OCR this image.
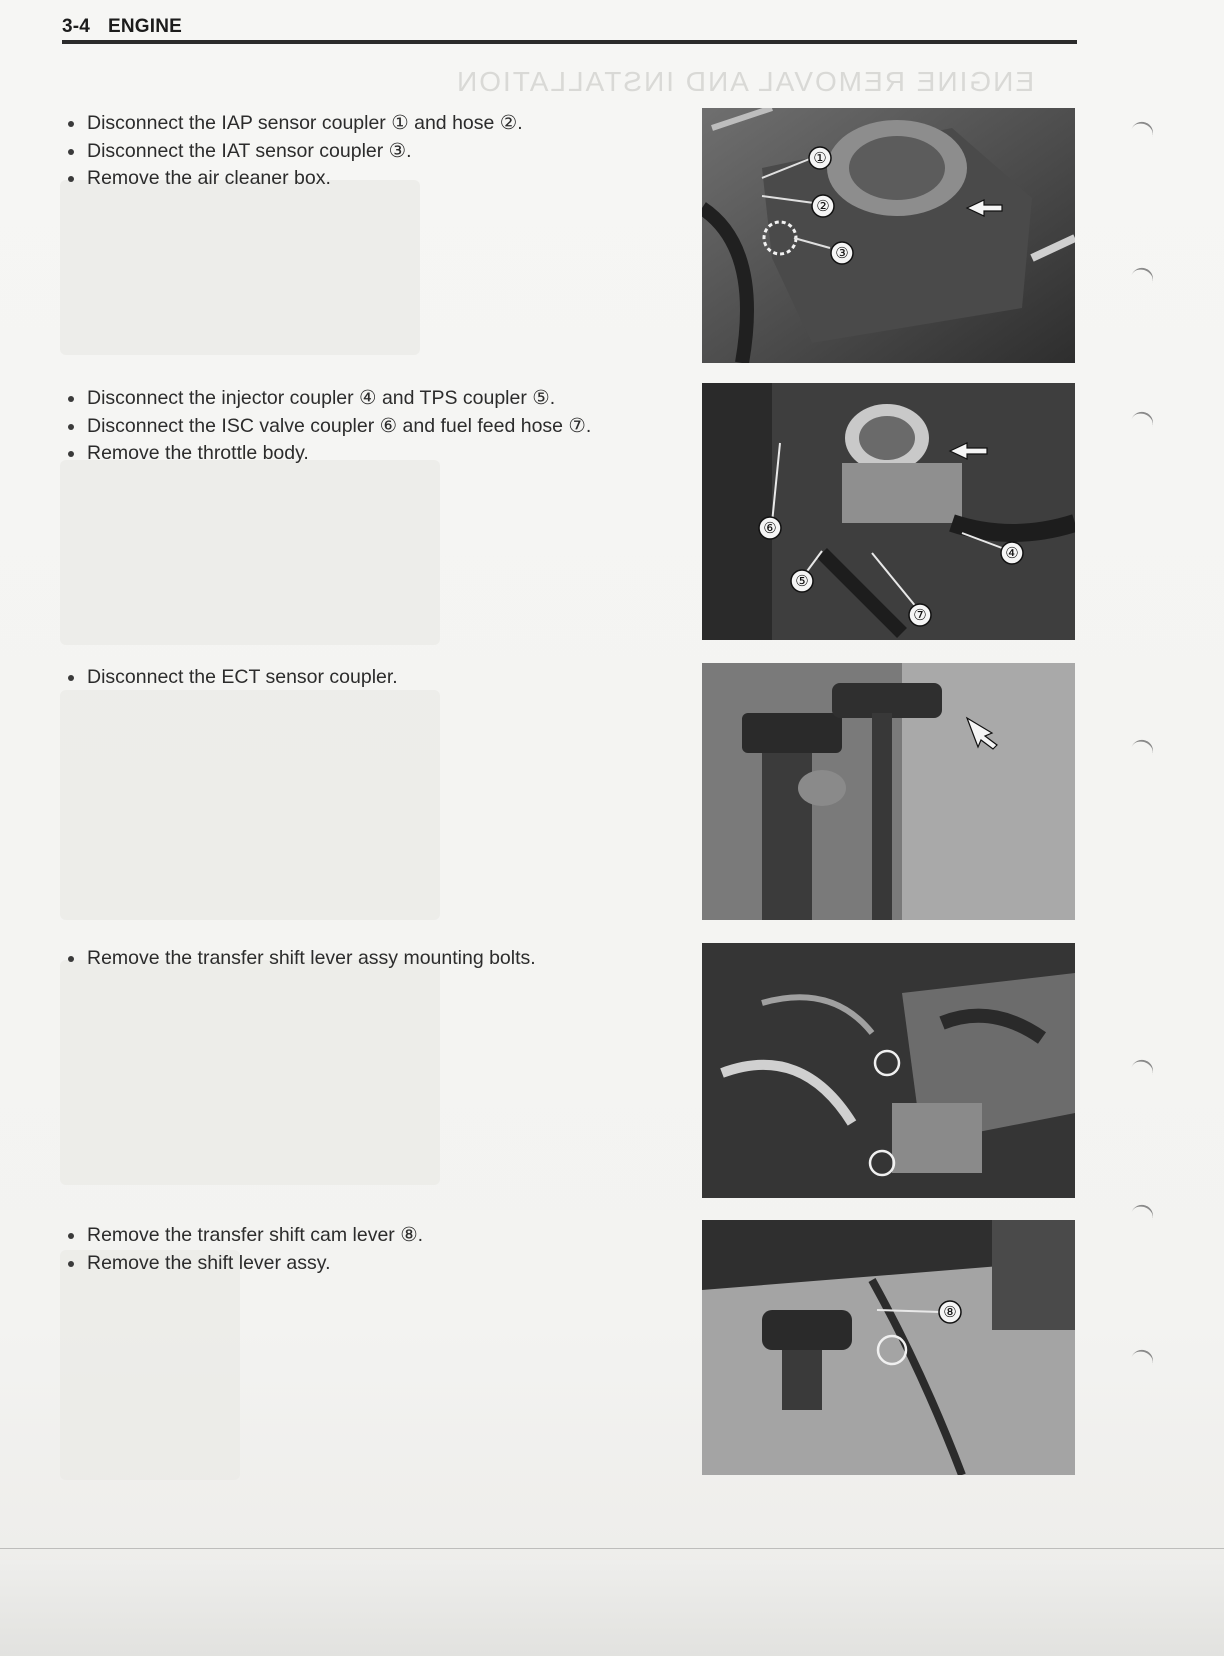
ENGINE REMOVAL AND INSTALLATION
3-4 ENGINE
Disconnect the IAP sensor coupler ① and hose ②.
Disconnect the IAT sensor coupler ③.
Remove the air cleaner box.
①
②
③
Disconnect the injector coupler ④ and TPS coupler ⑤.
Disconnect the ISC valve coupler ⑥ and fuel feed hose ⑦.
Remove the throttle body.
⑥
④
⑤
⑦
Disconnect the ECT sensor coupler.
Remove the transfer shift lever assy mounting bolts.
Remove the transfer shift cam lever ⑧.
Remove the shift lever assy.
⑧
